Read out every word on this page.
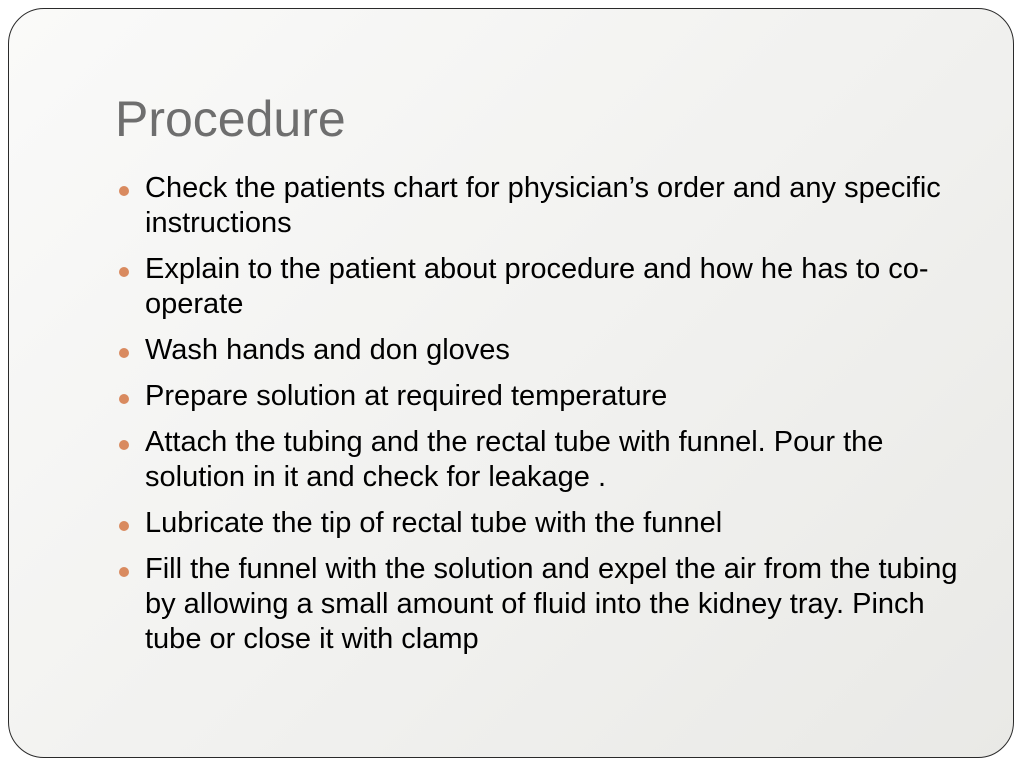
Procedure
Check the patients chart for physician’s order and any specific instructions
Explain to the patient about procedure and how he has to co-operate
Wash hands and don gloves
Prepare solution at required temperature
Attach the tubing and the rectal tube with funnel. Pour the solution in it and check for leakage .
Lubricate the tip of rectal tube with the funnel
Fill the funnel with the solution and expel the air from the tubing by allowing a small amount of fluid into the kidney tray. Pinch tube or close it with clamp
